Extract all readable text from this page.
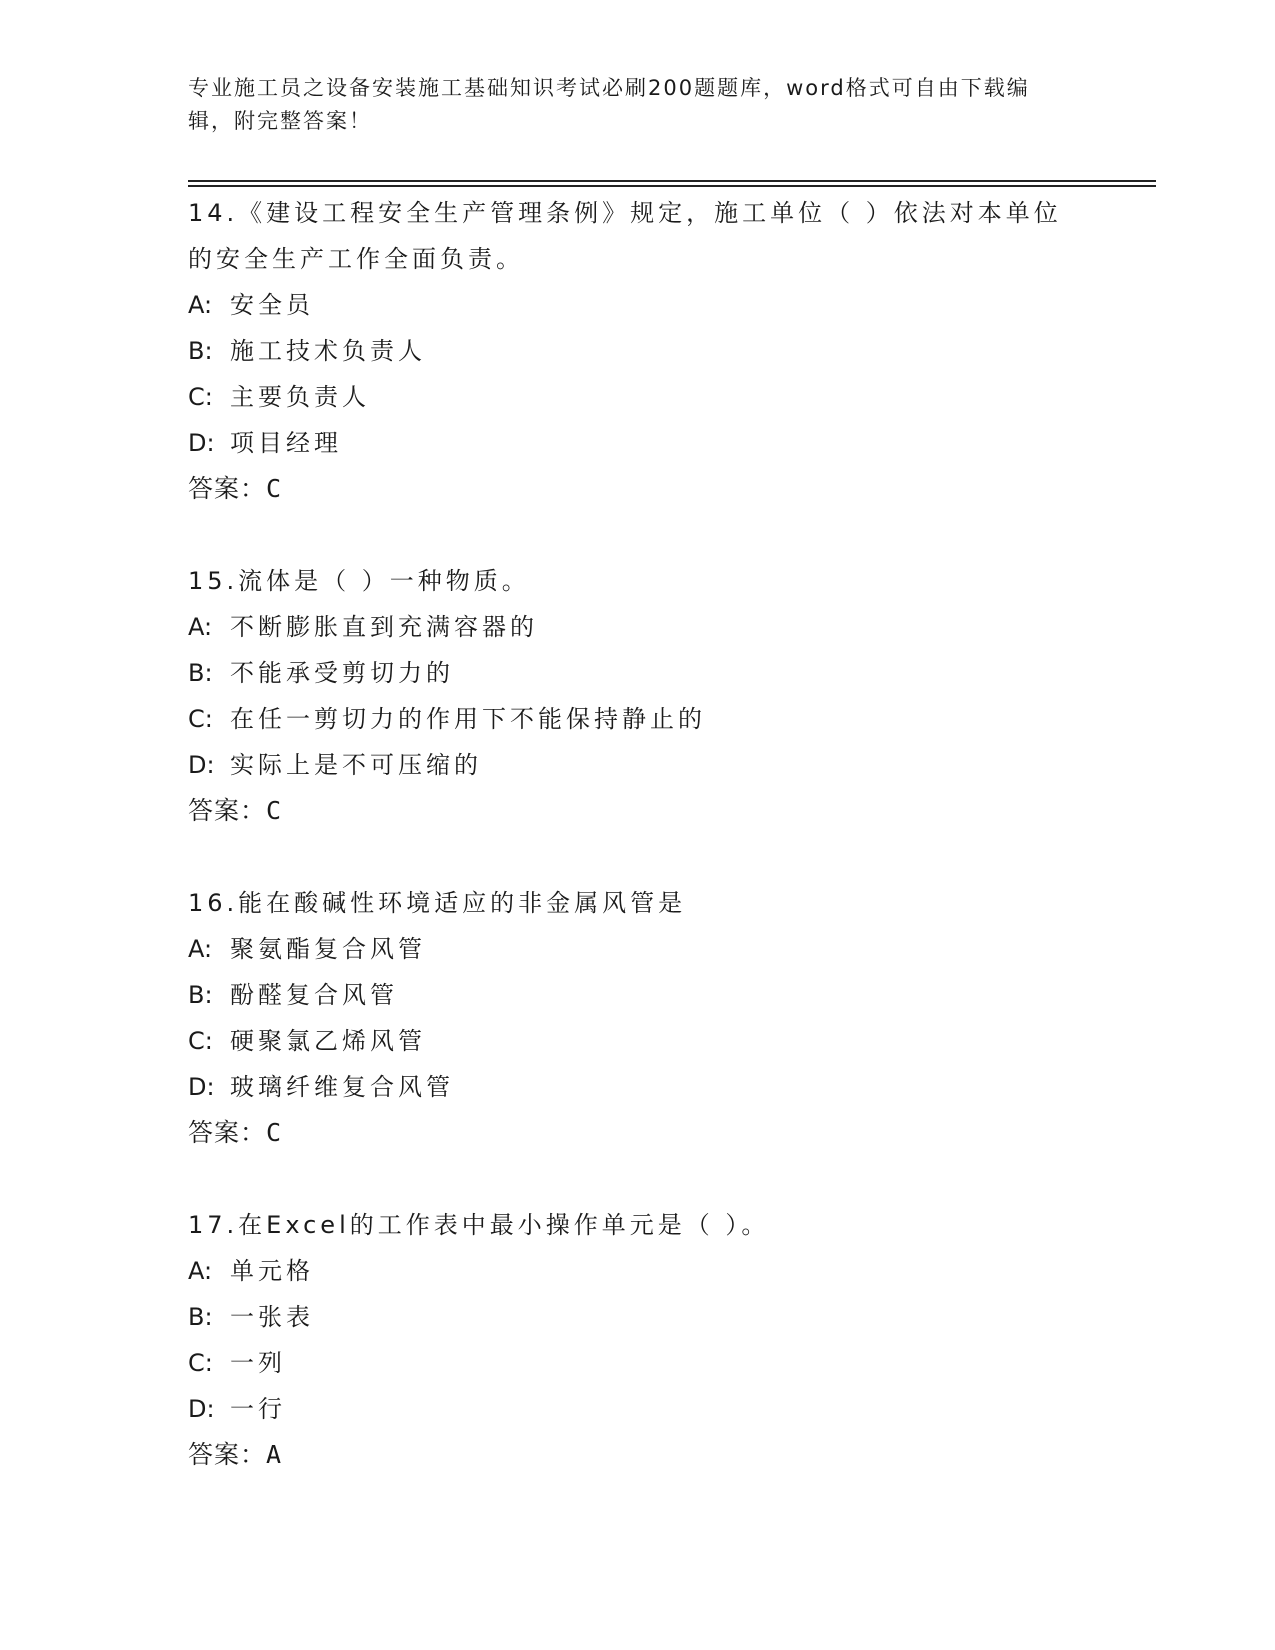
专业施工员之设备安装施工基础知识考试必刷200题题库，word格式可自由下载编辑，附完整答案！
14.《建设工程安全生产管理条例》规定，施工单位（ ）依法对本单位的安全生产工作全面负责。
A: 安全员
B: 施工技术负责人
C: 主要负责人
D: 项目经理
答案：C
15.流体是（ ）一种物质。
A: 不断膨胀直到充满容器的
B: 不能承受剪切力的
C: 在任一剪切力的作用下不能保持静止的
D: 实际上是不可压缩的
答案：C
16.能在酸碱性环境适应的非金属风管是
A: 聚氨酯复合风管
B: 酚醛复合风管
C: 硬聚氯乙烯风管
D: 玻璃纤维复合风管
答案：C
17.在Excel的工作表中最小操作单元是（ ）。
A: 单元格
B: 一张表
C: 一列
D: 一行
答案：A
